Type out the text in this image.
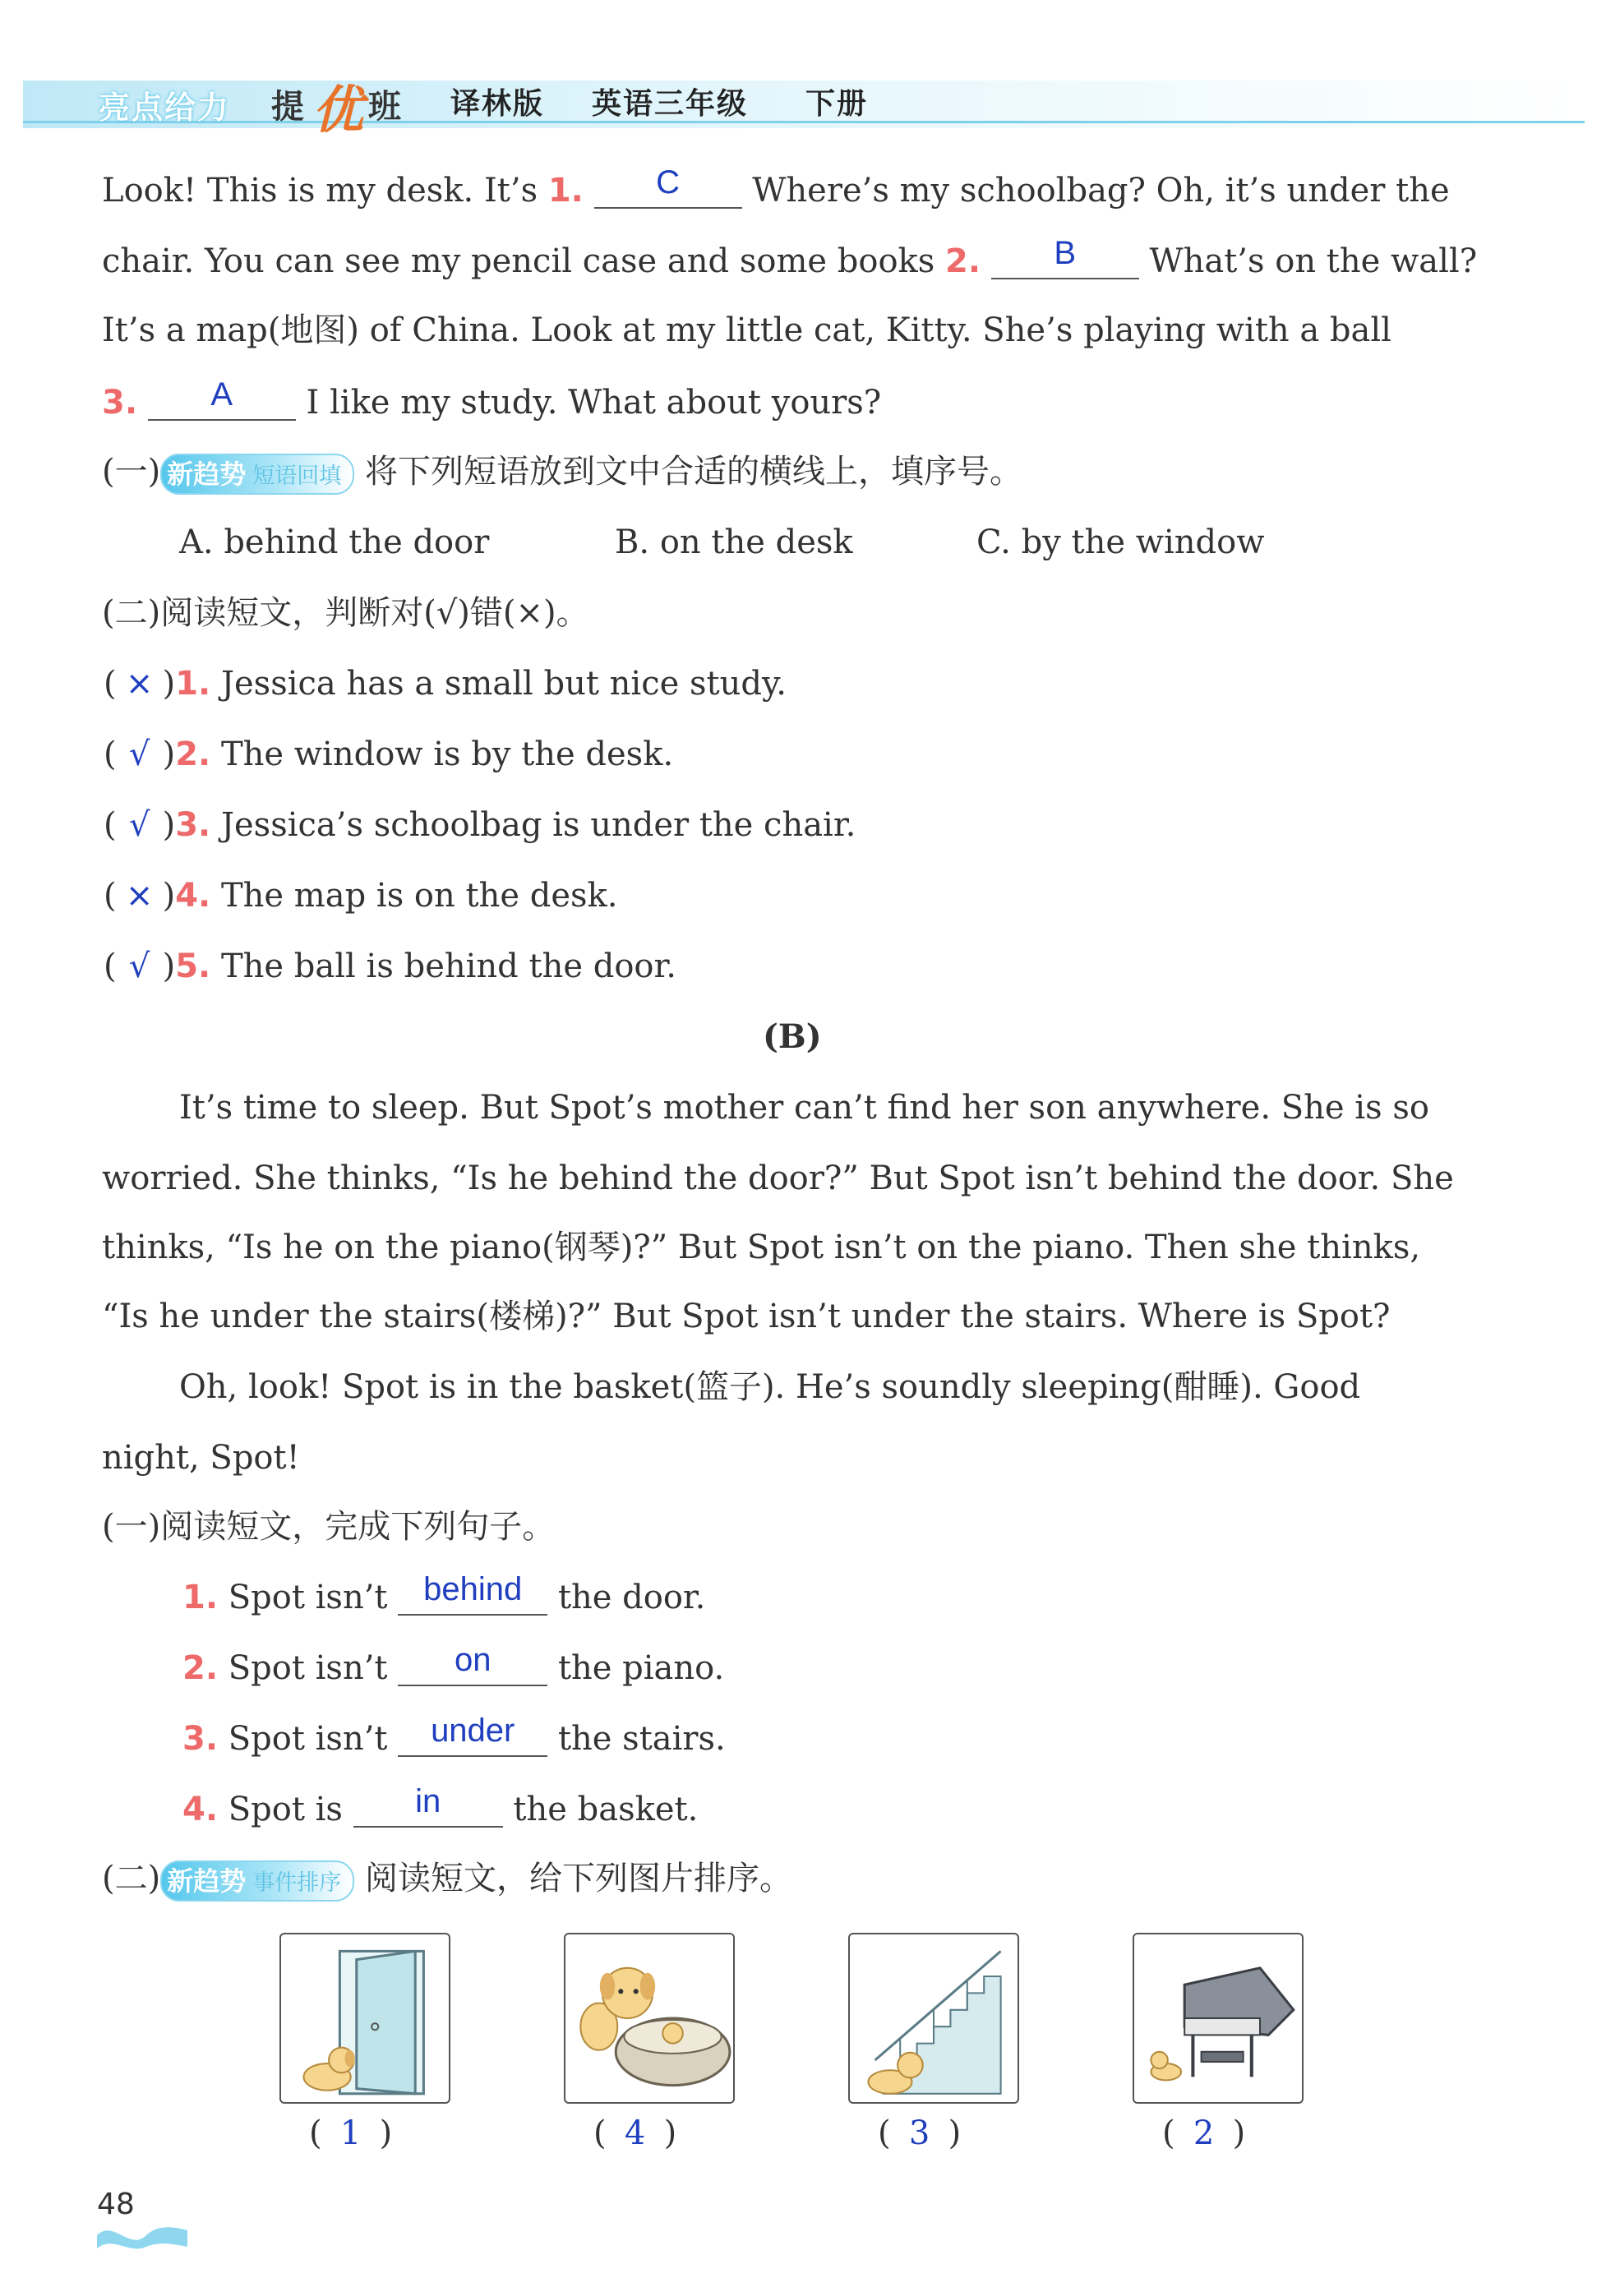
亮点给力 提 优 班 译林版 英语三年级 下册
Look! This is my desk. It’s 1. C Where’s my schoolbag? Oh, it’s under the
chair. You can see my pencil case and some books 2. B What’s on the wall?
It’s a map(地图) of China. Look at my little cat, Kitty. She’s playing with a ball
3. A I like my study. What about yours?
(一) 新趋势 短语回填 将下列短语放到文中合适的横线上，填序号。
A. behind the door	B. on the desk	C. by the window
(二)阅读短文，判断对(√)错(×)。
( × )1. Jessica has a small but nice study.
( √ )2. The window is by the desk.
( √ )3. Jessica’s schoolbag is under the chair.
( × )4. The map is on the desk.
( √ )5. The ball is behind the door.
(B)
It’s time to sleep. But Spot’s mother can’t find her son anywhere. She is so
worried. She thinks, “Is he behind the door?” But Spot isn’t behind the door. She
thinks, “Is he on the piano(钢琴)?” But Spot isn’t on the piano. Then she thinks,
“Is he under the stairs(楼梯)?” But Spot isn’t under the stairs. Where is Spot?
Oh, look! Spot is in the basket(篮子). He’s soundly sleeping(酣睡). Good
night, Spot!
(一)阅读短文，完成下列句子。
1. Spot isn’t behind the door.
2. Spot isn’t on the piano.
3. Spot isn’t under the stairs.
4. Spot is in the basket.
(二) 新趋势 事件排序 阅读短文，给下列图片排序。
( 1 )	( 4 )	( 3 )	( 2 )
48
